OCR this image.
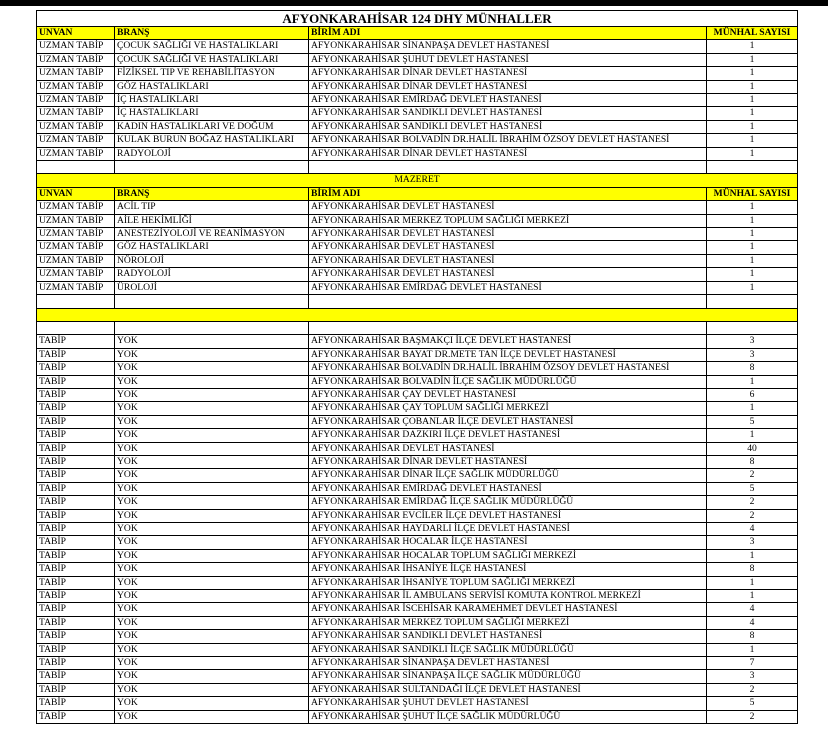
AFYONKARAHİSAR 124 DHY MÜNHALLER			
UNVAN	BRANŞ	BİRİM ADI	MÜNHAL SAYISI
UZMAN TABİP	ÇOCUK SAĞLIĞI VE HASTALIKLARI	AFYONKARAHİSAR SİNANPAŞA DEVLET HASTANESİ	1
UZMAN TABİP	ÇOCUK SAĞLIĞI VE HASTALIKLARI	AFYONKARAHİSAR ŞUHUT DEVLET HASTANESİ	1
UZMAN TABİP	FİZİKSEL TIP VE REHABİLİTASYON	AFYONKARAHİSAR DİNAR DEVLET HASTANESİ	1
UZMAN TABİP	GÖZ HASTALIKLARI	AFYONKARAHİSAR DİNAR DEVLET HASTANESİ	1
UZMAN TABİP	İÇ HASTALIKLARI	AFYONKARAHİSAR EMİRDAĞ DEVLET HASTANESİ	1
UZMAN TABİP	İÇ HASTALIKLARI	AFYONKARAHİSAR SANDIKLI DEVLET HASTANESİ	1
UZMAN TABİP	KADIN HASTALIKLARI VE DOĞUM	AFYONKARAHİSAR SANDIKLI DEVLET HASTANESİ	1
UZMAN TABİP	KULAK BURUN BOĞAZ HASTALIKLARI	AFYONKARAHİSAR BOLVADİN DR.HALİL İBRAHİM ÖZSOY DEVLET HASTANESİ	1
UZMAN TABİP	RADYOLOJİ	AFYONKARAHİSAR DİNAR DEVLET HASTANESİ	1

MAZERET			
UNVAN	BRANŞ	BİRİM ADI	MÜNHAL SAYISI
UZMAN TABİP	ACİL TIP	AFYONKARAHİSAR DEVLET HASTANESİ	1
UZMAN TABİP	AİLE HEKİMLİĞİ	AFYONKARAHİSAR MERKEZ TOPLUM SAĞLIĞI MERKEZİ	1
UZMAN TABİP	ANESTEZİYOLOJİ VE REANİMASYON	AFYONKARAHİSAR DEVLET HASTANESİ	1
UZMAN TABİP	GÖZ HASTALIKLARI	AFYONKARAHİSAR DEVLET HASTANESİ	1
UZMAN TABİP	NÖROLOJİ	AFYONKARAHİSAR DEVLET HASTANESİ	1
UZMAN TABİP	RADYOLOJİ	AFYONKARAHİSAR DEVLET HASTANESİ	1
UZMAN TABİP	ÜROLOJİ	AFYONKARAHİSAR EMİRDAĞ DEVLET HASTANESİ	1

TABİP	YOK	AFYONKARAHİSAR BAŞMAKÇI İLÇE DEVLET HASTANESİ	3
TABİP	YOK	AFYONKARAHİSAR BAYAT DR.METE TAN İLÇE DEVLET HASTANESİ	3
TABİP	YOK	AFYONKARAHİSAR BOLVADİN DR.HALİL İBRAHİM ÖZSOY DEVLET HASTANESİ	8
TABİP	YOK	AFYONKARAHİSAR BOLVADİN İLÇE SAĞLIK MÜDÜRLÜĞÜ	1
TABİP	YOK	AFYONKARAHİSAR ÇAY DEVLET HASTANESİ	6
TABİP	YOK	AFYONKARAHİSAR ÇAY TOPLUM SAĞLIĞI MERKEZİ	1
TABİP	YOK	AFYONKARAHİSAR ÇOBANLAR İLÇE DEVLET HASTANESİ	5
TABİP	YOK	AFYONKARAHİSAR DAZKIRI İLÇE DEVLET HASTANESİ	1
TABİP	YOK	AFYONKARAHİSAR DEVLET HASTANESİ	40
TABİP	YOK	AFYONKARAHİSAR DİNAR DEVLET HASTANESİ	8
TABİP	YOK	AFYONKARAHİSAR DİNAR İLÇE SAĞLIK MÜDÜRLÜĞÜ	2
TABİP	YOK	AFYONKARAHİSAR EMİRDAĞ DEVLET HASTANESİ	5
TABİP	YOK	AFYONKARAHİSAR EMİRDAĞ İLÇE SAĞLIK MÜDÜRLÜĞÜ	2
TABİP	YOK	AFYONKARAHİSAR EVCİLER İLÇE DEVLET HASTANESİ	2
TABİP	YOK	AFYONKARAHİSAR HAYDARLI İLÇE DEVLET HASTANESİ	4
TABİP	YOK	AFYONKARAHİSAR HOCALAR İLÇE HASTANESİ	3
TABİP	YOK	AFYONKARAHİSAR HOCALAR TOPLUM SAĞLIĞI MERKEZİ	1
TABİP	YOK	AFYONKARAHİSAR İHSANİYE İLÇE HASTANESİ	8
TABİP	YOK	AFYONKARAHİSAR İHSANİYE TOPLUM SAĞLIĞI MERKEZİ	1
TABİP	YOK	AFYONKARAHİSAR İL AMBULANS SERVİSİ KOMUTA KONTROL MERKEZİ	1
TABİP	YOK	AFYONKARAHİSAR İSCEHİSAR KARAMEHMET DEVLET HASTANESİ	4
TABİP	YOK	AFYONKARAHİSAR MERKEZ TOPLUM SAĞLIĞI MERKEZİ	4
TABİP	YOK	AFYONKARAHİSAR SANDIKLI DEVLET HASTANESİ	8
TABİP	YOK	AFYONKARAHİSAR SANDIKLI İLÇE SAĞLIK MÜDÜRLÜĞÜ	1
TABİP	YOK	AFYONKARAHİSAR SİNANPAŞA DEVLET HASTANESİ	7
TABİP	YOK	AFYONKARAHİSAR SİNANPAŞA İLÇE SAĞLIK MÜDÜRLÜĞÜ	3
TABİP	YOK	AFYONKARAHİSAR SULTANDAĞI İLÇE DEVLET HASTANESİ	2
TABİP	YOK	AFYONKARAHİSAR ŞUHUT DEVLET HASTANESİ	5
TABİP	YOK	AFYONKARAHİSAR ŞUHUT İLÇE SAĞLIK MÜDÜRLÜĞÜ	2
